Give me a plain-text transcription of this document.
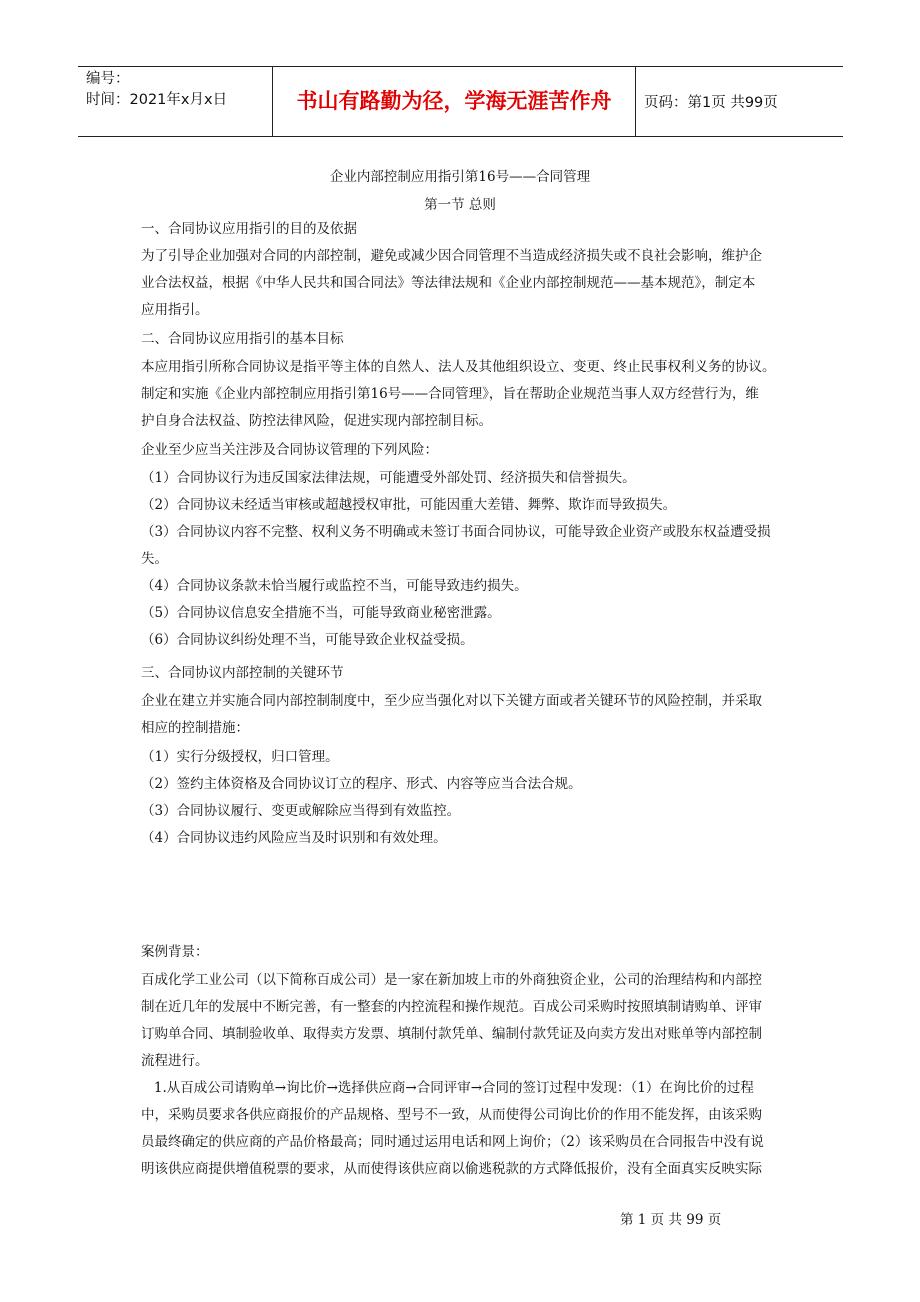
编号：
时间：2021年x月x日	书山有路勤为径，学海无涯苦作舟	页码：第1页 共99页
企业内部控制应用指引第16号——合同管理
第一节 总则
一、合同协议应用指引的目的及依据

为了引导企业加强对合同的内部控制，避免或减少因合同管理不当造成经济损失或不良社会影响，维护企

业合法权益，根据《中华人民共和国合同法》等法律法规和《企业内部控制规范——基本规范》，制定本

应用指引。

二、合同协议应用指引的基本目标

本应用指引所称合同协议是指平等主体的自然人、法人及其他组织设立、变更、终止民事权利义务的协议。

制定和实施《企业内部控制应用指引第16号——合同管理》，旨在帮助企业规范当事人双方经营行为，维

护自身合法权益、防控法律风险，促进实现内部控制目标。

企业至少应当关注涉及合同协议管理的下列风险：

（1）合同协议行为违反国家法律法规，可能遭受外部处罚、经济损失和信誉损失。

（2）合同协议未经适当审核或超越授权审批，可能因重大差错、舞弊、欺诈而导致损失。

（3）合同协议内容不完整、权利义务不明确或未签订书面合同协议，可能导致企业资产或股东权益遭受损

失。

（4）合同协议条款未恰当履行或监控不当，可能导致违约损失。

（5）合同协议信息安全措施不当，可能导致商业秘密泄露。

（6）合同协议纠纷处理不当，可能导致企业权益受损。

三、合同协议内部控制的关键环节

企业在建立并实施合同内部控制制度中，至少应当强化对以下关键方面或者关键环节的风险控制，并采取

相应的控制措施：

（1）实行分级授权，归口管理。

（2）签约主体资格及合同协议订立的程序、形式、内容等应当合法合规。

（3）合同协议履行、变更或解除应当得到有效监控。

（4）合同协议违约风险应当及时识别和有效处理。

案例背景：

百成化学工业公司（以下简称百成公司）是一家在新加坡上市的外商独资企业，公司的治理结构和内部控

制在近几年的发展中不断完善，有一整套的内控流程和操作规范。百成公司采购时按照填制请购单、评审

订购单合同、填制验收单、取得卖方发票、填制付款凭单、编制付款凭证及向卖方发出对账单等内部控制

流程进行。

1.从百成公司请购单→询比价→选择供应商→合同评审→合同的签订过程中发现：（1）在询比价的过程

中，采购员要求各供应商报价的产品规格、型号不一致，从而使得公司询比价的作用不能发挥，由该采购

员最终确定的供应商的产品价格最高；同时通过运用电话和网上询价；（2）该采购员在合同报告中没有说

明该供应商提供增值税票的要求，从而使得该供应商以偷逃税款的方式降低报价，没有全面真实反映实际

第 1 页 共 99 页
